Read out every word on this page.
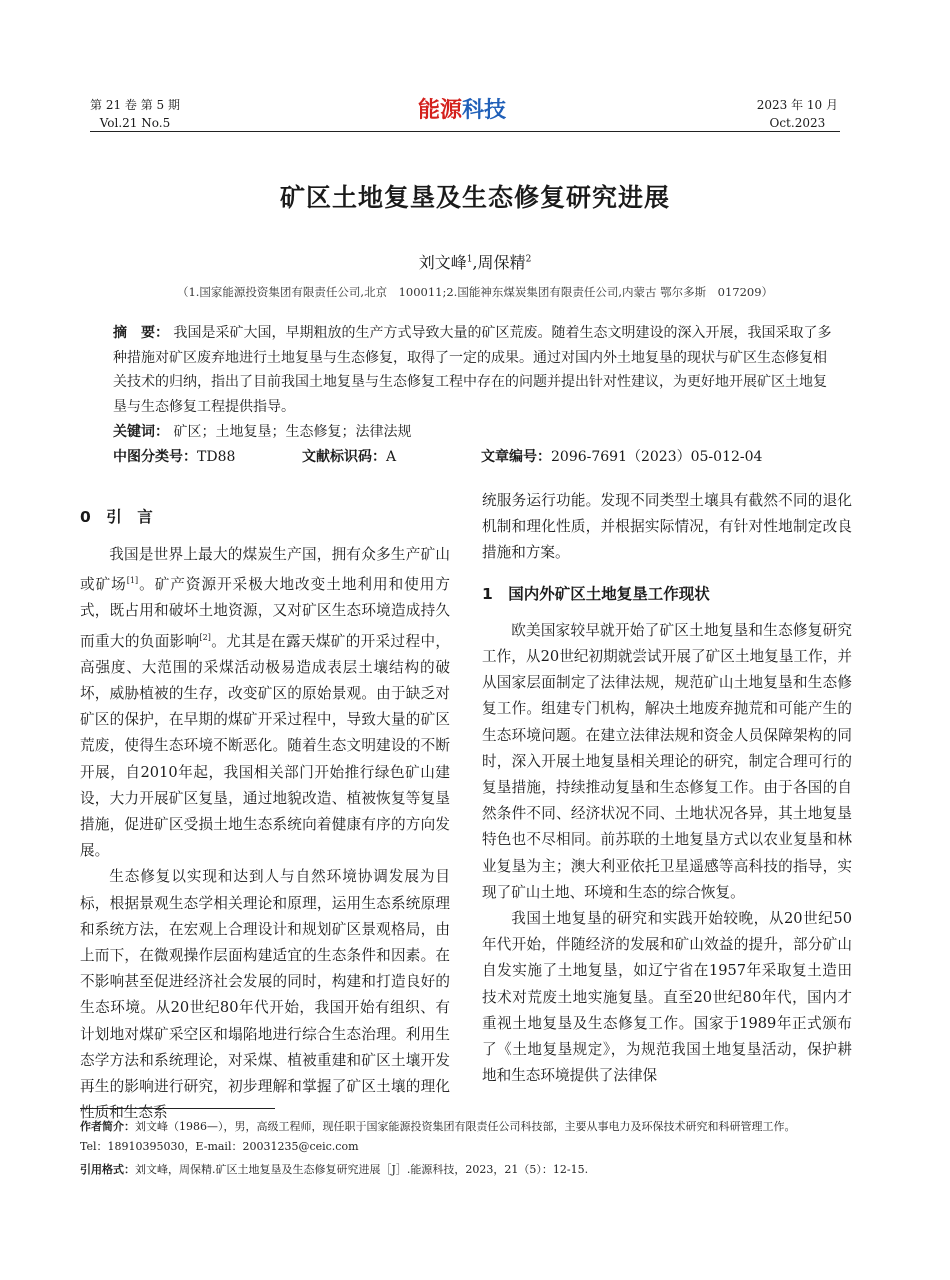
第 21 卷 第 5 期
Vol.21 No.5	能源科技	2023 年 10 月
Oct.2023
矿区土地复垦及生态修复研究进展
刘文峰$^1$,周保精$^2$
（1.国家能源投资集团有限责任公司,北京　100011;2.国能神东煤炭集团有限责任公司,内蒙古 鄂尔多斯　017209）
摘　要： 我国是采矿大国，早期粗放的生产方式导致大量的矿区荒废。随着生态文明建设的深入开展，我国采取了多种措施对矿区废弃地进行土地复垦与生态修复，取得了一定的成果。通过对国内外土地复垦的现状与矿区生态修复相关技术的归纳，指出了目前我国土地复垦与生态修复工程中存在的问题并提出针对性建议，为更好地开展矿区土地复垦与生态修复工程提供指导。
关键词： 矿区；土地复垦；生态修复；法律法规
中图分类号：TD88	文献标识码：A	文章编号：2096-7691（2023）05-012-04
0　引　言

我国是世界上最大的煤炭生产国，拥有众多生产矿山或矿场[1]。矿产资源开采极大地改变土地利用和使用方式，既占用和破坏土地资源，又对矿区生态环境造成持久而重大的负面影响[2]。尤其是在露天煤矿的开采过程中，高强度、大范围的采煤活动极易造成表层土壤结构的破坏，威胁植被的生存，改变矿区的原始景观。由于缺乏对矿区的保护，在早期的煤矿开采过程中，导致大量的矿区荒废，使得生态环境不断恶化。随着生态文明建设的不断开展，自2010年起，我国相关部门开始推行绿色矿山建设，大力开展矿区复垦，通过地貌改造、植被恢复等复垦措施，促进矿区受损土地生态系统向着健康有序的方向发展。

生态修复以实现和达到人与自然环境协调发展为目标，根据景观生态学相关理论和原理，运用生态系统原理和系统方法，在宏观上合理设计和规划矿区景观格局，由上而下，在微观操作层面构建适宜的生态条件和因素。在不影响甚至促进经济社会发展的同时，构建和打造良好的生态环境。从20世纪80年代开始，我国开始有组织、有计划地对煤矿采空区和塌陷地进行综合生态治理。利用生态学方法和系统理论，对采煤、植被重建和矿区土壤开发再生的影响进行研究，初步理解和掌握了矿区土壤的理化性质和生态系

统服务运行功能。发现不同类型土壤具有截然不同的退化机制和理化性质，并根据实际情况，有针对性地制定改良措施和方案。

1　国内外矿区土地复垦工作现状

欧美国家较早就开始了矿区土地复垦和生态修复研究工作，从20世纪初期就尝试开展了矿区土地复垦工作，并从国家层面制定了法律法规，规范矿山土地复垦和生态修复工作。组建专门机构，解决土地废弃抛荒和可能产生的生态环境问题。在建立法律法规和资金人员保障架构的同时，深入开展土地复垦相关理论的研究，制定合理可行的复垦措施，持续推动复垦和生态修复工作。由于各国的自然条件不同、经济状况不同、土地状况各异，其土地复垦特色也不尽相同。前苏联的土地复垦方式以农业复垦和林业复垦为主；澳大利亚依托卫星遥感等高科技的指导，实现了矿山土地、环境和生态的综合恢复。

我国土地复垦的研究和实践开始较晚，从20世纪50年代开始，伴随经济的发展和矿山效益的提升，部分矿山自发实施了土地复垦，如辽宁省在1957年采取复土造田技术对荒废土地实施复垦。直至20世纪80年代，国内才重视土地复垦及生态修复工作。国家于1989年正式颁布了《土地复垦规定》，为规范我国土地复垦活动，保护耕地和生态环境提供了法律保

作者简介：刘文峰（1986—），男，高级工程师，现任职于国家能源投资集团有限责任公司科技部，主要从事电力及环保技术研究和科研管理工作。
Tel：18910395030，E-mail：20031235@ceic.com
引用格式：刘文峰，周保精.矿区土地复垦及生态修复研究进展［J］.能源科技，2023，21（5）：12-15.
